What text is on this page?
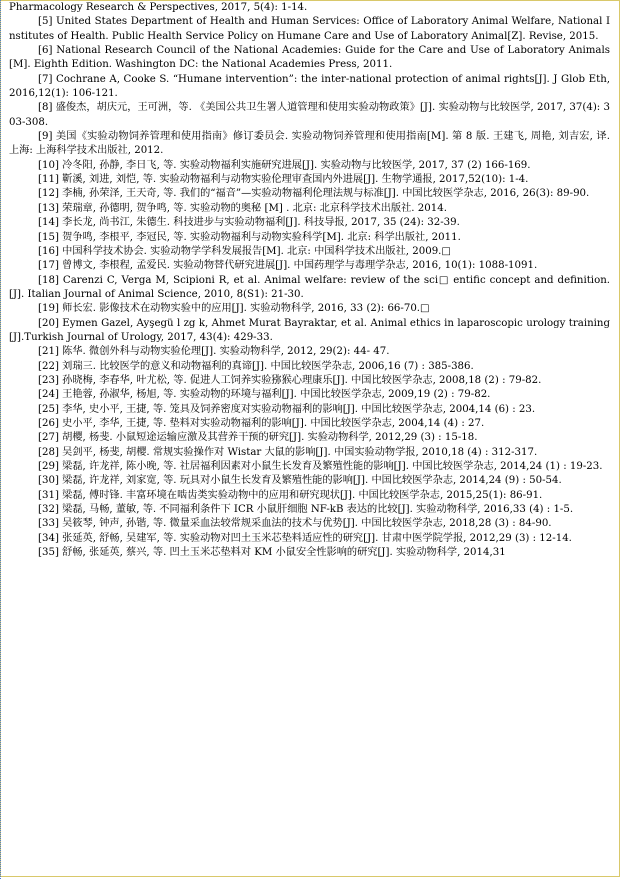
Pharmacology Research & Perspectives, 2017, 5(4): 1-14.
[5] United States Department of Health and Human Services: Office of Laboratory Animal Welfare, National Institutes of Health. Public Health Service Policy on Humane Care and Use of Laboratory Animal[Z]. Revise, 2015.
[6] National Research Council of the National Academies: Guide for the Care and Use of Laboratory Animals [M]. Eighth Edition. Washington DC: the National Academies Press, 2011.
[7] Cochrane A, Cooke S. “Humane intervention”: the inter-national protection of animal rights[J]. J Glob Eth, 2016,12(1): 106-121.
[8] 盛俊杰，胡庆元，王可洲，等. 《美国公共卫生署人道管理和使用实验动物政策》[J]. 实验动物与比较医学, 2017, 37(4): 303-308.
[9] 美国《实验动物饲养管理和使用指南》修订委员会. 实验动物饲养管理和使用指南[M]. 第 8 版. 王建飞, 周艳, 刘吉宏, 译. 上海: 上海科学技术出版社, 2012.
[10] 冷冬阳, 孙静, 李日飞, 等. 实验动物福利实施研究进展[J]. 实验动物与比较医学, 2017, 37 (2) 166-169.
[11] 靳溪, 刘进, 刘恺, 等. 实验动物福利与动物实验伦理审查国内外进展[J]. 生物学通报, 2017,52(10): 1-4.
[12] 李楠, 孙荣泽, 王天奇, 等. 我们的“福音”—实验动物福利伦理法规与标准[J]. 中国比较医学杂志, 2016, 26(3): 89-90.
[13] 荣瑞章, 孙德明, 贺争鸣, 等. 实验动物的奥秘 [M] . 北京: 北京科学技术出版社. 2014.
[14] 李长龙, 尚书江, 朱德生. 科技进步与实验动物福利[J]. 科技导报, 2017, 35 (24): 32-39.
[15] 贺争鸣, 李根平, 李冠民, 等. 实验动物福利与动物实验科学[M]. 北京: 科学出版社, 2011.
[16] 中国科学技术协会. 实验动物学学科发展报告[M]. 北京: 中国科学技术出版社, 2009.□
[17] 曾博文, 李根程, 孟爱民. 实验动物替代研究进展[J]. 中国药理学与毒理学杂志, 2016, 10(1): 1088-1091.
[18] Carenzi C, Verga M, Scipioni R, et al. Animal welfare: review of the sci□ entific concept and definition.[J]. Italian Journal of Animal Science, 2010, 8(S1): 21-30.
[19] 师长宏. 影像技术在动物实验中的应用[J]. 实验动物科学, 2016, 33 (2): 66-70.□
[20] Eymen Gazel, Ayşegü l zg k, Ahmet Murat Bayraktar, et al. Animal ethics in laparoscopic urology training[J].Turkish Journal of Urology, 2017, 43(4): 429-33.
[21] 陈华. 微创外科与动物实验伦理[J]. 实验动物科学, 2012, 29(2): 44- 47.
[22] 刘瑞三. 比较医学的意义和动物福利的真谛[J]. 中国比较医学杂志, 2006,16 (7) : 385-386.
[23] 孙晓梅, 李春华, 叶尤松, 等. 促进人工饲养实验猕猴心理康乐[J]. 中国比较医学杂志, 2008,18 (2) : 79-82.
[24] 王艳蓉, 孙淑华, 杨旭, 等. 实验动物的环境与福利[J]. 中国比较医学杂志, 2009,19 (2) : 79-82.
[25] 李华, 史小平, 王捷, 等. 笼具及饲养密度对实验动物福利的影响[J]. 中国比较医学杂志, 2004,14 (6) : 23.
[26] 史小平, 李华, 王捷, 等. 垫料对实验动物福利的影响[J]. 中国比较医学杂志, 2004,14 (4) : 27.
[27] 胡樱, 杨斐. 小鼠短途运输应激及其营养干预的研究[J]. 实验动物科学, 2012,29 (3) : 15-18.
[28] 吴剑平, 杨斐, 胡樱. 常规实验操作对 Wistar 大鼠的影响[J]. 中国实验动物学报, 2010,18 (4) : 312-317.
[29] 梁磊, 许龙祥, 陈小晚, 等. 社居福利因素对小鼠生长发育及繁殖性能的影响[J]. 中国比较医学杂志, 2014,24 (1) : 19-23.
[30] 梁磊, 许龙祥, 刘家宽, 等. 玩具对小鼠生长发育及繁殖性能的影响[J]. 中国比较医学杂志, 2014,24 (9) : 50-54.
[31] 梁磊, 傅时锋. 丰富环境在啮齿类实验动物中的应用和研究现状[J]. 中国比较医学杂志, 2015,25(1): 86-91.
[32] 梁磊, 马畅, 董敏, 等. 不同福利条件下 ICR 小鼠肝细胞 NF-kB 表达的比较[J]. 实验动物科学, 2016,33 (4) : 1-5.
[33] 吴筱琴, 钟声, 孙锴, 等. 微量采血法较常规采血法的技术与优势[J]. 中国比较医学杂志, 2018,28 (3) : 84-90.
[34] 张延英, 舒畅, 吴建军, 等. 实验动物对凹土玉米芯垫料适应性的研究[J]. 甘肃中医学院学报, 2012,29 (3) : 12-14.
[35] 舒畅, 张延英, 蔡兴, 等. 凹土玉米芯垫料对 KM 小鼠安全性影响的研究[J]. 实验动物科学, 2014,31
